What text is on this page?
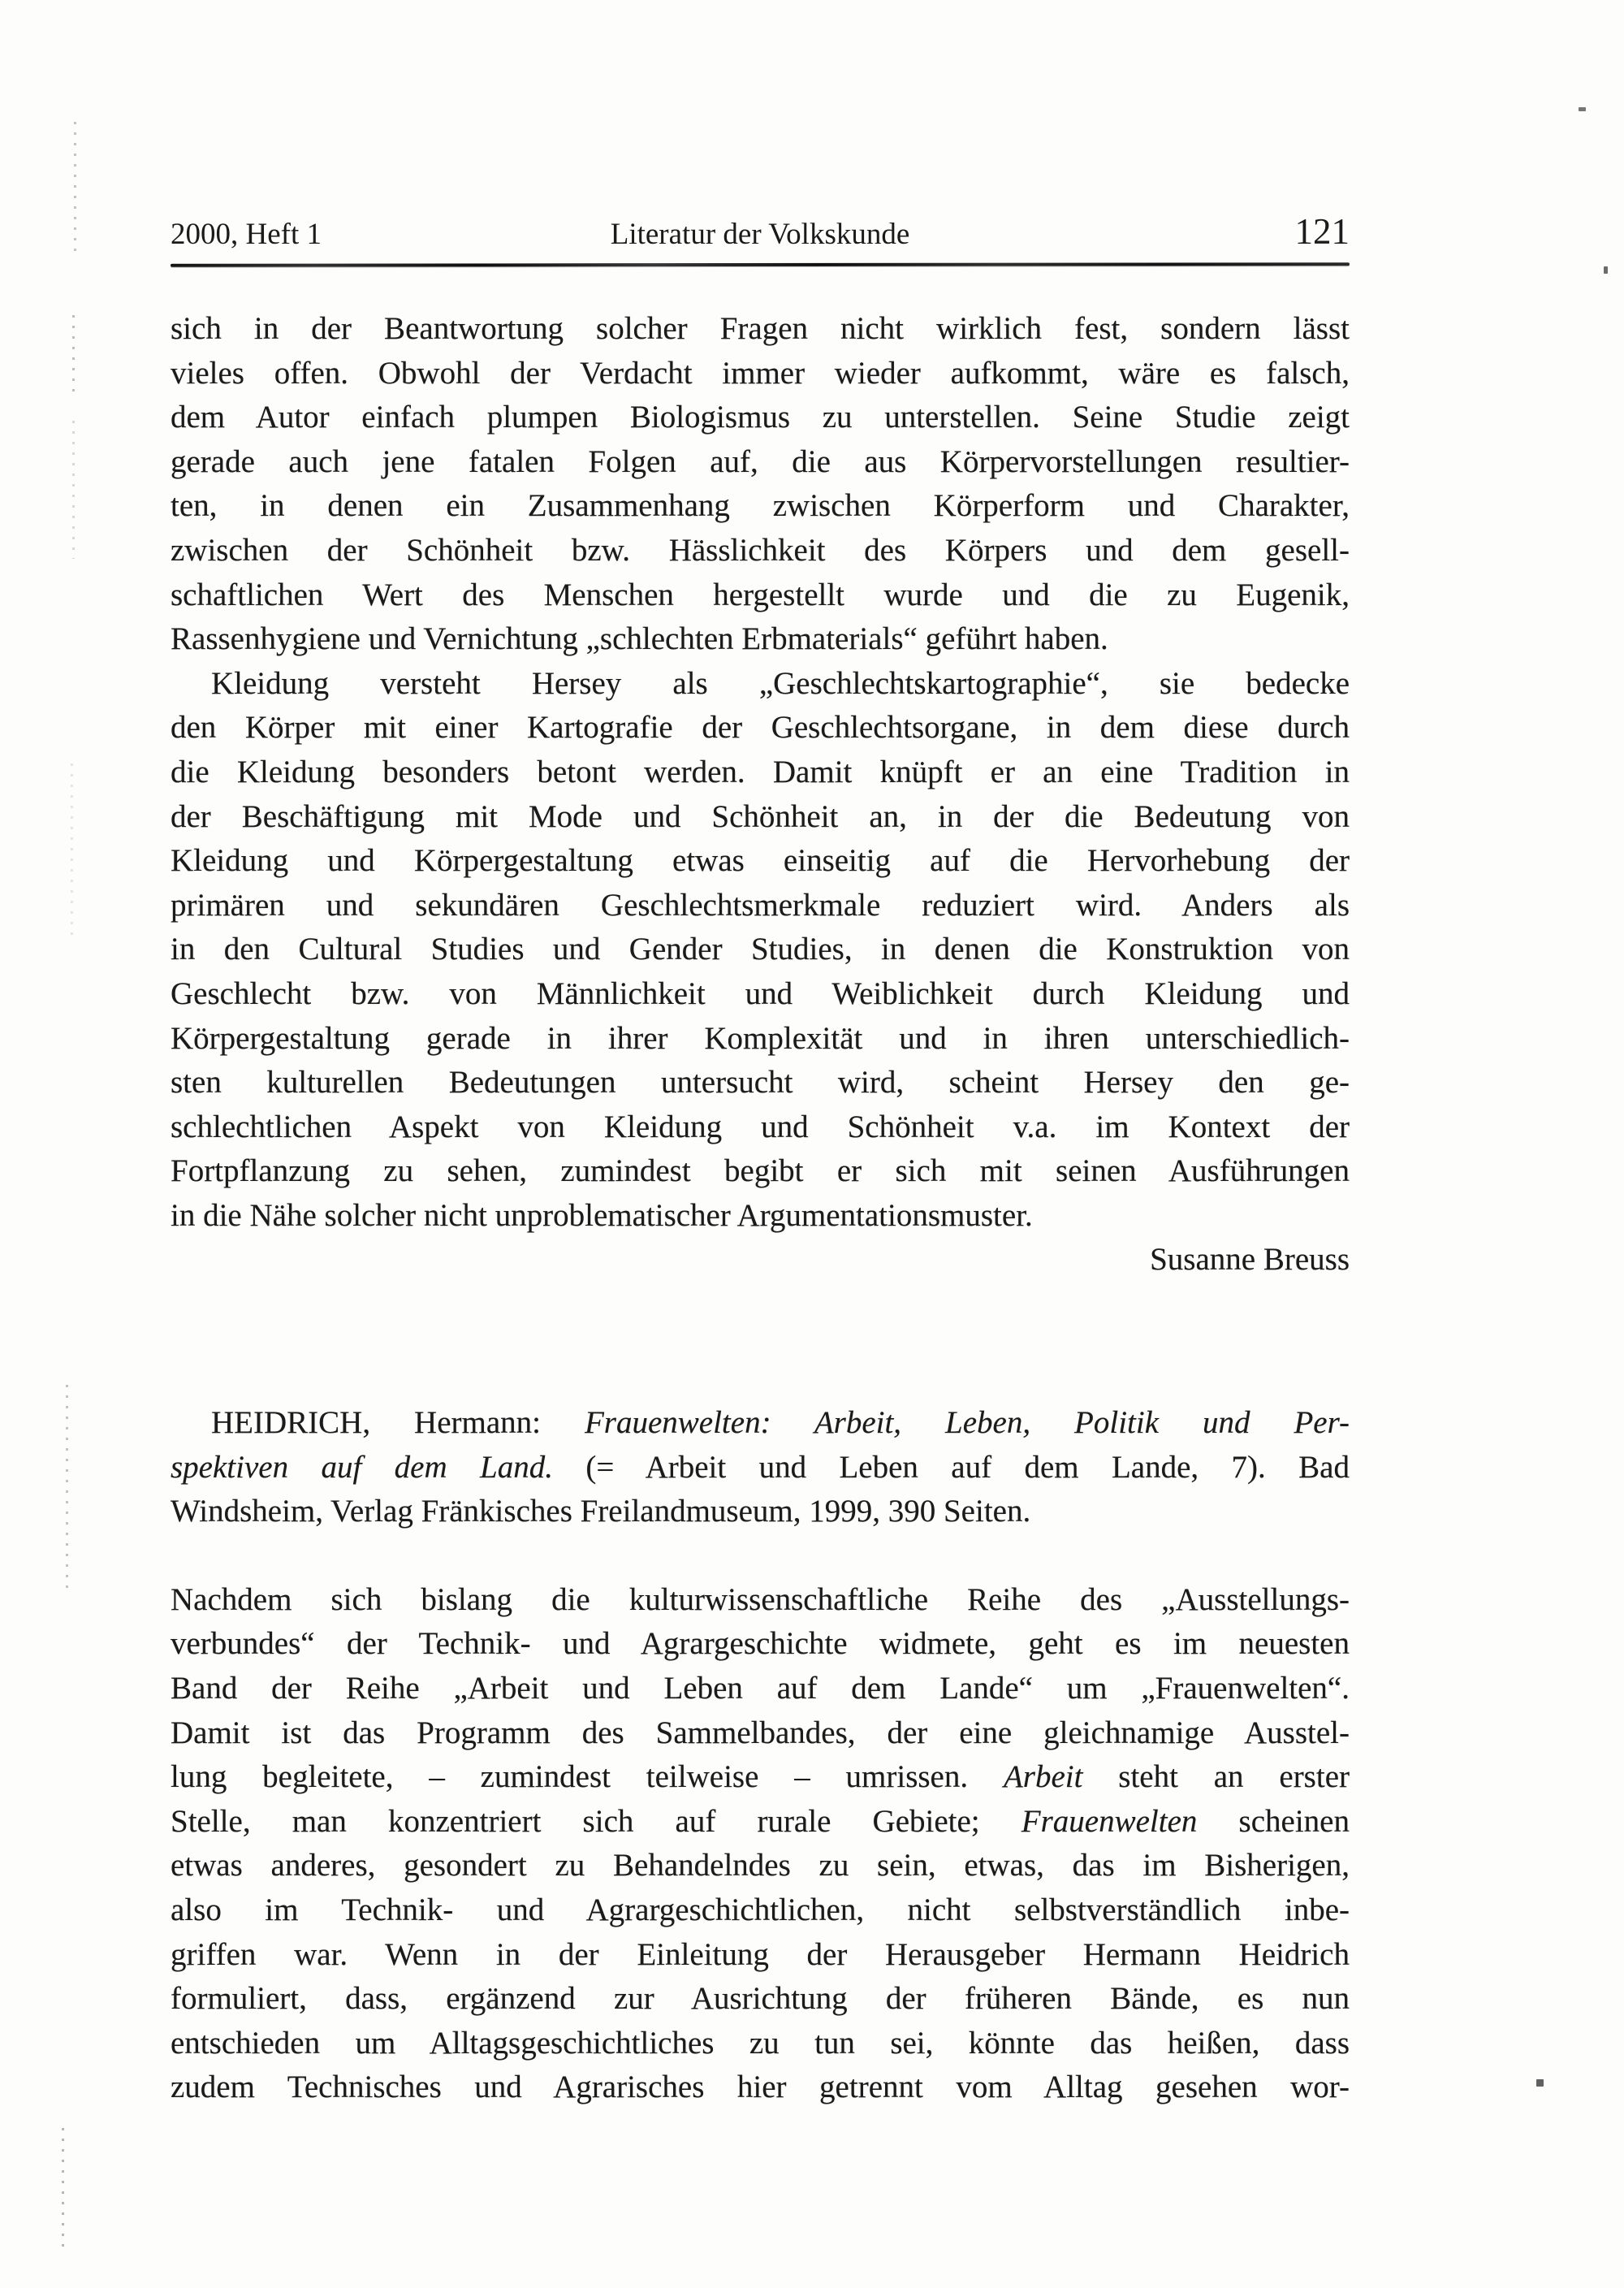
2000, Heft 1	Literatur der Volkskunde	121
sich in der Beantwortung solcher Fragen nicht wirklich fest, sondern lässt
vieles offen. Obwohl der Verdacht immer wieder aufkommt, wäre es falsch,
dem Autor einfach plumpen Biologismus zu unterstellen. Seine Studie zeigt
gerade auch jene fatalen Folgen auf, die aus Körpervorstellungen resultier-
ten, in denen ein Zusammenhang zwischen Körperform und Charakter,
zwischen der Schönheit bzw. Hässlichkeit des Körpers und dem gesell-
schaftlichen Wert des Menschen hergestellt wurde und die zu Eugenik,
Rassenhygiene und Vernichtung „schlechten Erbmaterials“ geführt haben.
Kleidung versteht Hersey als „Geschlechtskartographie“, sie bedecke
den Körper mit einer Kartografie der Geschlechtsorgane, in dem diese durch
die Kleidung besonders betont werden. Damit knüpft er an eine Tradition in
der Beschäftigung mit Mode und Schönheit an, in der die Bedeutung von
Kleidung und Körpergestaltung etwas einseitig auf die Hervorhebung der
primären und sekundären Geschlechtsmerkmale reduziert wird. Anders als
in den Cultural Studies und Gender Studies, in denen die Konstruktion von
Geschlecht bzw. von Männlichkeit und Weiblichkeit durch Kleidung und
Körpergestaltung gerade in ihrer Komplexität und in ihren unterschiedlich-
sten kulturellen Bedeutungen untersucht wird, scheint Hersey den ge-
schlechtlichen Aspekt von Kleidung und Schönheit v.a. im Kontext der
Fortpflanzung zu sehen, zumindest begibt er sich mit seinen Ausführungen
in die Nähe solcher nicht unproblematischer Argumentationsmuster.
Susanne Breuss
HEIDRICH, Hermann: Frauenwelten: Arbeit, Leben, Politik und Per-
spektiven auf dem Land. (= Arbeit und Leben auf dem Lande, 7). Bad
Windsheim, Verlag Fränkisches Freilandmuseum, 1999, 390 Seiten.
Nachdem sich bislang die kulturwissenschaftliche Reihe des „Ausstellungs-
verbundes“ der Technik- und Agrargeschichte widmete, geht es im neuesten
Band der Reihe „Arbeit und Leben auf dem Lande“ um „Frauenwelten“.
Damit ist das Programm des Sammelbandes, der eine gleichnamige Ausstel-
lung begleitete, – zumindest teilweise – umrissen. Arbeit steht an erster
Stelle, man konzentriert sich auf rurale Gebiete; Frauenwelten scheinen
etwas anderes, gesondert zu Behandelndes zu sein, etwas, das im Bisherigen,
also im Technik- und Agrargeschichtlichen, nicht selbstverständlich inbe-
griffen war. Wenn in der Einleitung der Herausgeber Hermann Heidrich
formuliert, dass, ergänzend zur Ausrichtung der früheren Bände, es nun
entschieden um Alltagsgeschichtliches zu tun sei, könnte das heißen, dass
zudem Technisches und Agrarisches hier getrennt vom Alltag gesehen wor-
